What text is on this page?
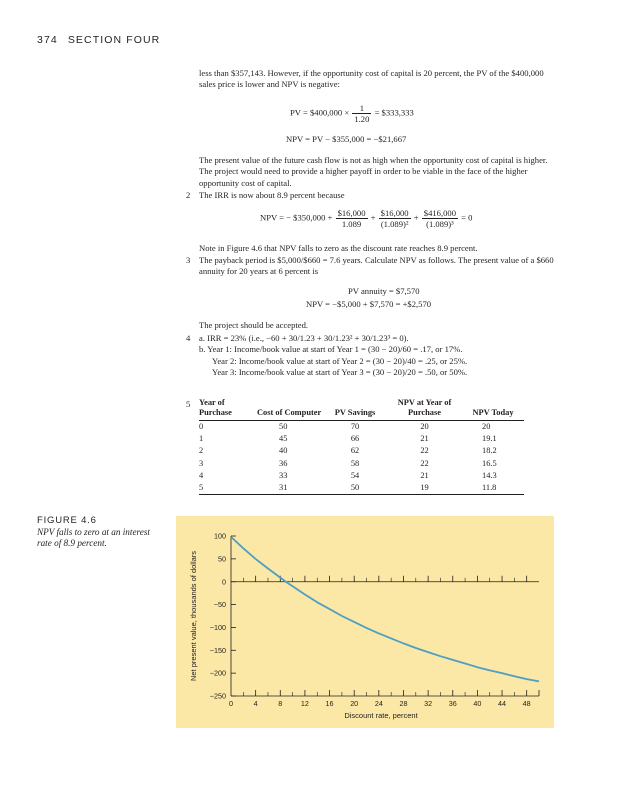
374 SECTION FOUR

less than $357,143. However, if the opportunity cost of capital is 20 percent, the PV of the $400,000 sales price is lower and NPV is negative:

PV = $400,000 × $\frac{1}{1.20}$ = $333,333
NPV = PV − $355,000 = −$21,667

The present value of the future cash flow is not as high when the opportunity cost of capital is higher. The project would need to provide a higher payoff in order to be viable in the face of the higher opportunity cost of capital.

2 The IRR is now about 8.9 percent because

NPV = − $350,000 + $\frac{\$16,000}{1.089} + \frac{\$16,000}{\text{(1.089)²}} + \frac{\$416,000}{\text{(1.089)³}} = 0$

Note in Figure 4.6 that NPV falls to zero as the discount rate reaches 8.9 percent.

3 The payback period is $5,000/$660 = 7.6 years. Calculate NPV as follows. The present value of a $660 annuity for 20 years at 6 percent is

PV annuity = $7,570
NPV = −$5,000 + $7,570 = +$2,570

The project should be accepted.

4 a. IRR = 23% (i.e., −60 + 30/1.23 + 30/1.23² + 30/1.23³ = 0).

b. Year 1: Income/book value at start of Year 1 = (30 − 20)/60 = .17, or 17%.

Year 2: Income/book value at start of Year 2 = (30 − 20)/40 = .25, or 25%.

Year 3: Income/book value at start of Year 3 = (30 − 20)/20 = .50, or 50%.

5 Year of Purchase	Cost of Computer	PV Savings	NPV at Year of Purchase	NPV Today
0	50	70	20	20
1	45	66	21	19.1
2	40	62	22	18.2
3	36	58	22	16.5
4	33	54	21	14.3
5	31	50	19	11.8
FIGURE 4.6
NPV falls to zero at an interest rate of 8.9 percent.
100
50
0
−50
−100
−150
−200
−250
0	4	8	12 16 20 24 28 32 36 40 44 48
Discount rate, percent
Net present value, thousands of dollars
